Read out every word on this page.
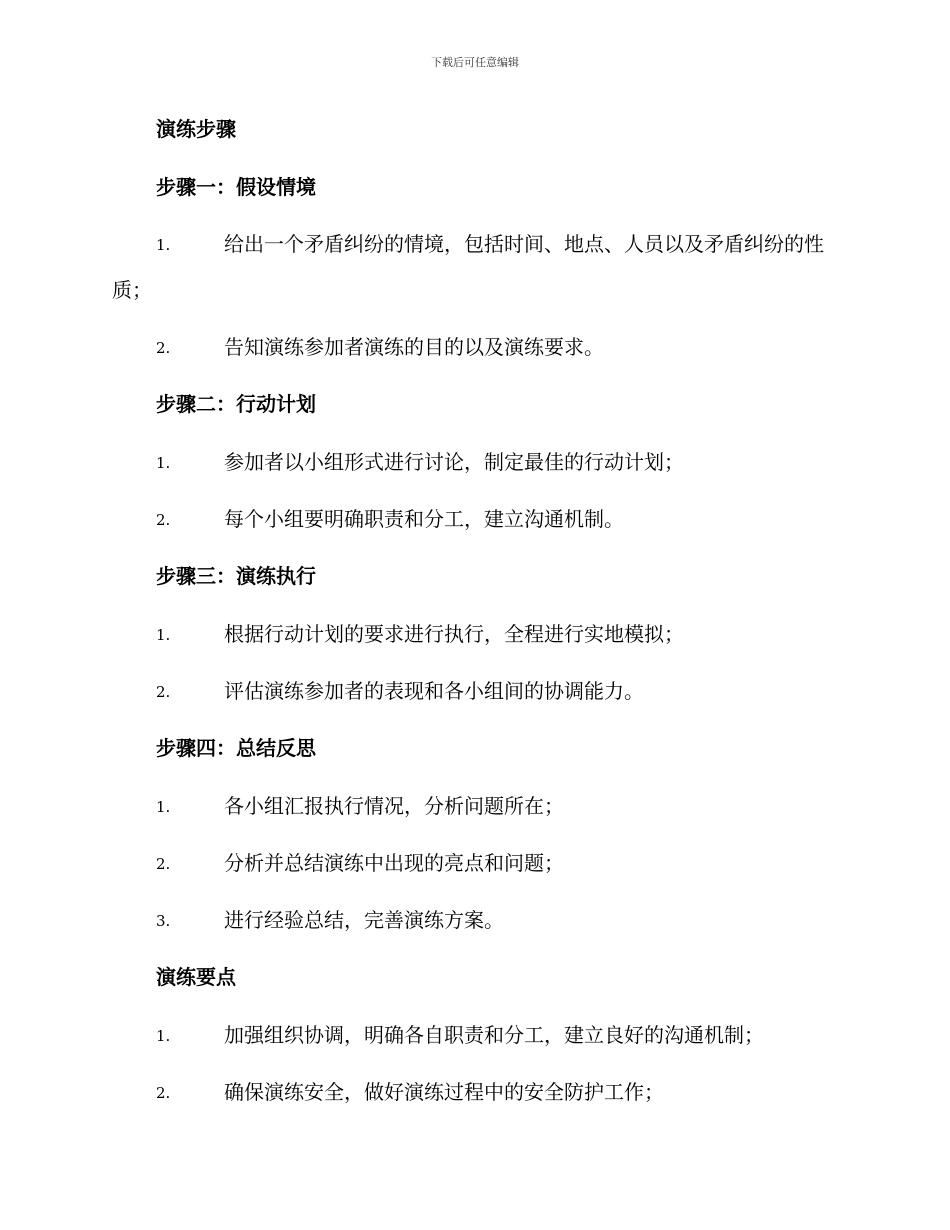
下载后可任意编辑
演练步骤
步骤一：假设情境
1.	给出一个矛盾纠纷的情境，包括时间、地点、人员以及矛盾纠纷的性质；
2.	告知演练参加者演练的目的以及演练要求。
步骤二：行动计划
1.	参加者以小组形式进行讨论，制定最佳的行动计划；
2.	每个小组要明确职责和分工，建立沟通机制。
步骤三：演练执行
1.	根据行动计划的要求进行执行，全程进行实地模拟；
2.	评估演练参加者的表现和各小组间的协调能力。
步骤四：总结反思
1.	各小组汇报执行情况，分析问题所在；
2.	分析并总结演练中出现的亮点和问题；
3.	进行经验总结，完善演练方案。
演练要点
1.	加强组织协调，明确各自职责和分工，建立良好的沟通机制；
2.	确保演练安全，做好演练过程中的安全防护工作；
